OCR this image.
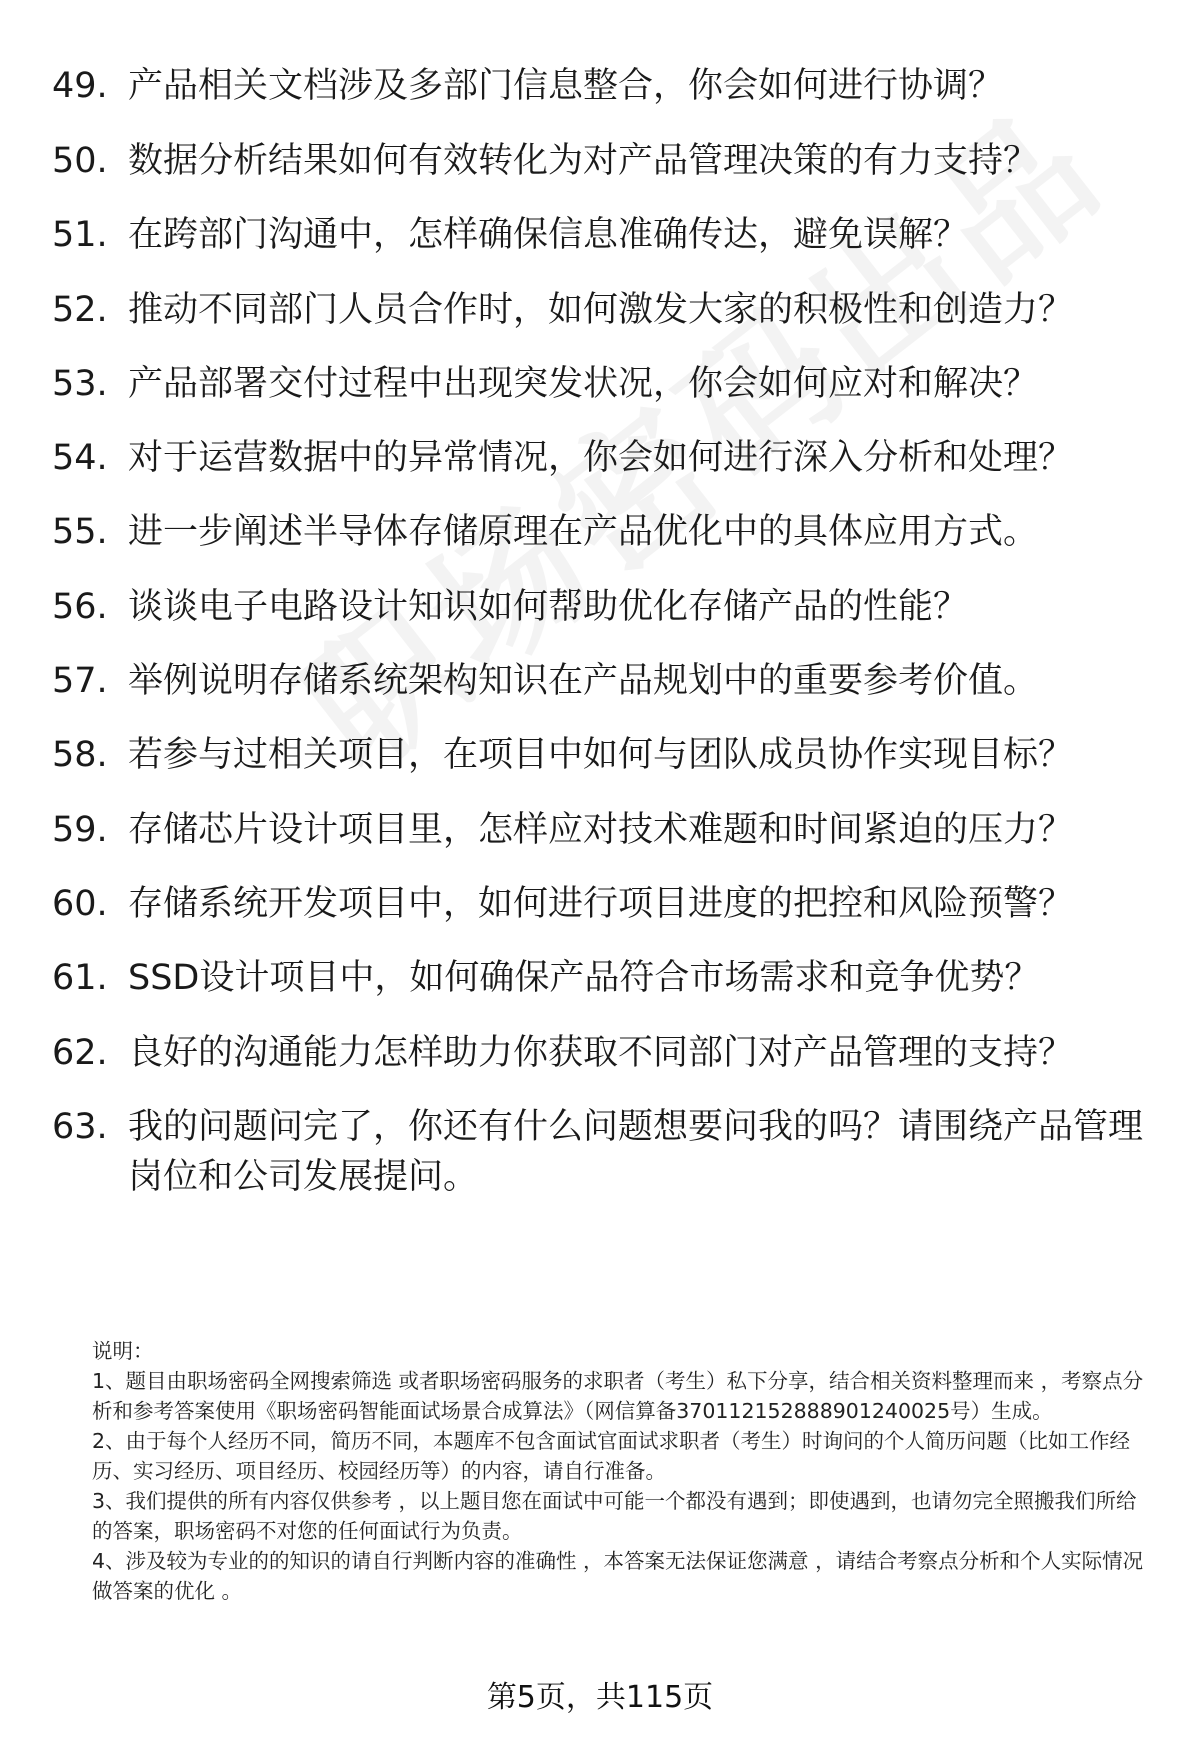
49. 产品相关文档涉及多部门信息整合，你会如何进行协调？
50. 数据分析结果如何有效转化为对产品管理决策的有力支持？
51. 在跨部门沟通中，怎样确保信息准确传达，避免误解？
52. 推动不同部门人员合作时，如何激发大家的积极性和创造力？
53. 产品部署交付过程中出现突发状况，你会如何应对和解决？
54. 对于运营数据中的异常情况，你会如何进行深入分析和处理？
55. 进一步阐述半导体存储原理在产品优化中的具体应用方式。
56. 谈谈电子电路设计知识如何帮助优化存储产品的性能？
57. 举例说明存储系统架构知识在产品规划中的重要参考价值。
58. 若参与过相关项目，在项目中如何与团队成员协作实现目标？
59. 存储芯片设计项目里，怎样应对技术难题和时间紧迫的压力？
60. 存储系统开发项目中，如何进行项目进度的把控和风险预警？
61. SSD设计项目中，如何确保产品符合市场需求和竞争优势？
62. 良好的沟通能力怎样助力你获取不同部门对产品管理的支持？
63. 我的问题问完了，你还有什么问题想要问我的吗？请围绕产品管理岗位和公司发展提问。

说明：

1、题目由职场密码全网搜索筛选 或者职场密码服务的求职者（考生）私下分享，结合相关资料整理而来 ，考察点分析和参考答案使用《职场密码智能面试场景合成算法》（网信算备370112152888901240025号）生成。

2、由于每个人经历不同，简历不同，本题库不包含面试官面试求职者（考生）时询问的个人简历问题（比如工作经历、实习经历、项目经历、校园经历等）的内容，请自行准备。

3、我们提供的所有内容仅供参考 ，以上题目您在面试中可能一个都没有遇到；即使遇到，也请勿完全照搬我们所给的答案，职场密码不对您的任何面试行为负责。

4、涉及较为专业的的知识的请自行判断内容的准确性 ，本答案无法保证您满意 ，请结合考察点分析和个人实际情况做答案的优化 。

第5页，共115页
